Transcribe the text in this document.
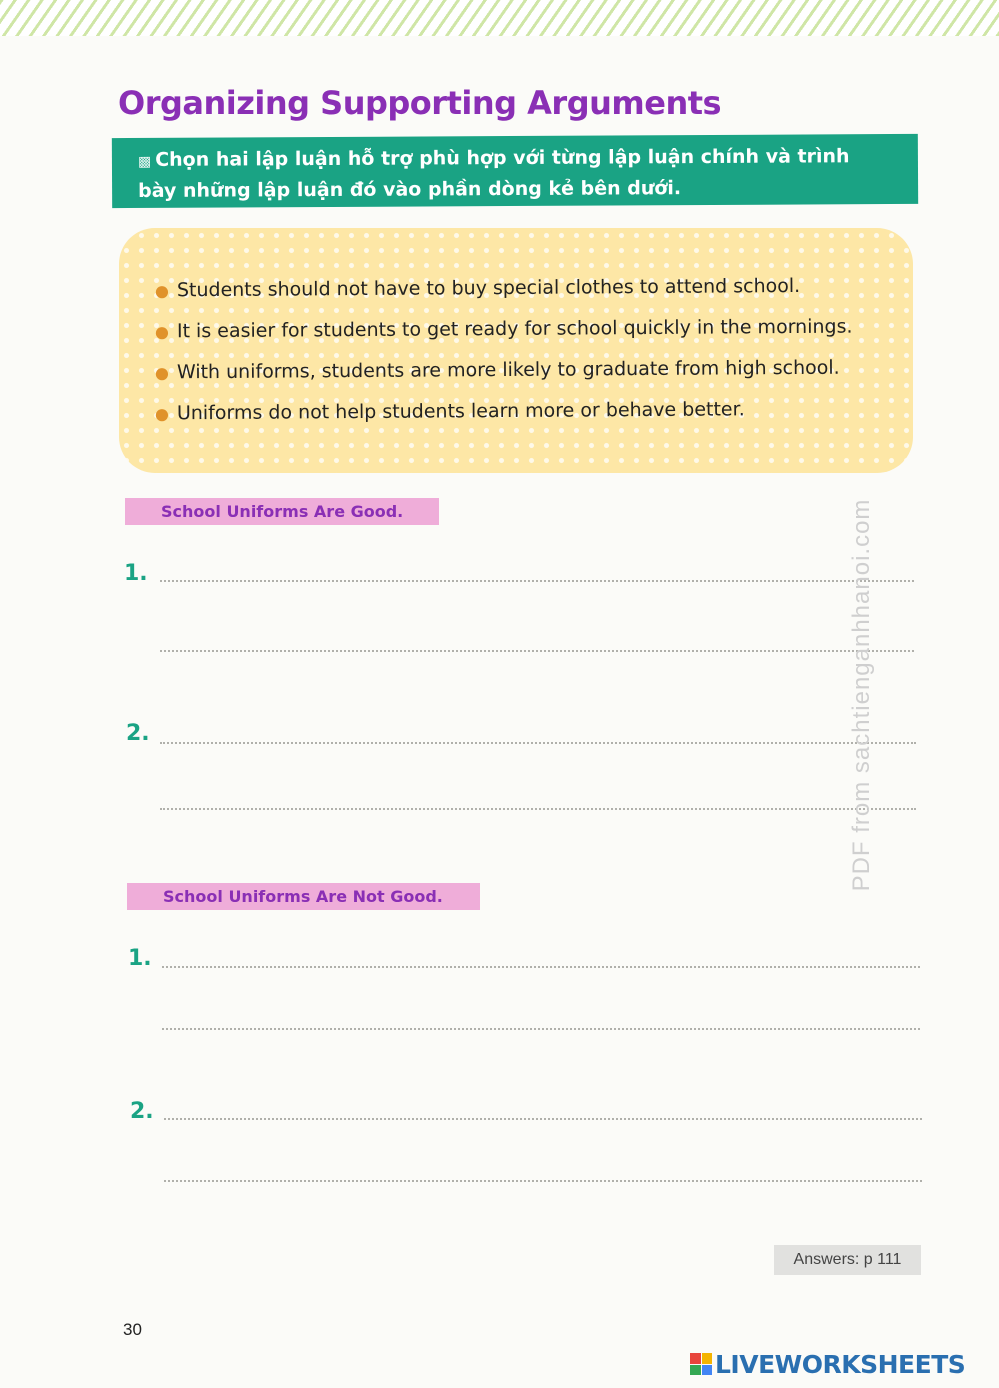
Organizing Supporting Arguments
▩ Chọn hai lập luận hỗ trợ phù hợp với từng lập luận chính và trình bày những lập luận đó vào phần dòng kẻ bên dưới.
● Students should not have to buy special clothes to attend school.
● It is easier for students to get ready for school quickly in the mornings.
● With uniforms, students are more likely to graduate from high school.
● Uniforms do not help students learn more or behave better.
School Uniforms Are Good.
1.
2.
School Uniforms Are Not Good.
1.
2.
PDF from sachtienganhhanoi.com
Answers: p 111
30
LIVEWORKSHEETS
